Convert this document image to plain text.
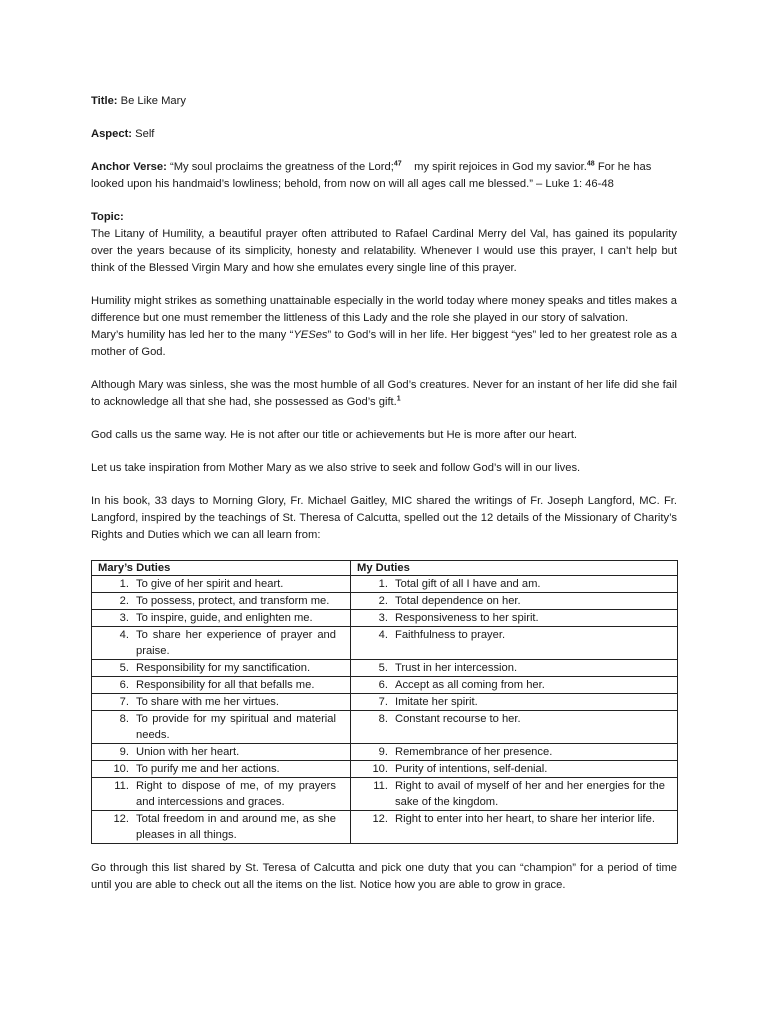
Title: Be Like Mary

Aspect: Self

Anchor Verse: “My soul proclaims the greatness of the Lord;$^{47}$ my spirit rejoices in God my savior.$^{48}$ For he has looked upon his handmaid’s lowliness; behold, from now on will all ages call me blessed.” – Luke 1: 46-48

Topic:

The Litany of Humility, a beautiful prayer often attributed to Rafael Cardinal Merry del Val, has gained its popularity over the years because of its simplicity, honesty and relatability. Whenever I would use this prayer, I can’t help but think of the Blessed Virgin Mary and how she emulates every single line of this prayer.

Humility might strikes as something unattainable especially in the world today where money speaks and titles makes a difference but one must remember the littleness of this Lady and the role she played in our story of salvation.

Mary’s humility has led her to the many “YESes” to God’s will in her life. Her biggest “yes” led to her greatest role as a mother of God.

Although Mary was sinless, she was the most humble of all God’s creatures. Never for an instant of her life did she fail to acknowledge all that she had, she possessed as God’s gift.$^1$

God calls us the same way. He is not after our title or achievements but He is more after our heart.

Let us take inspiration from Mother Mary as we also strive to seek and follow God’s will in our lives.

In his book, 33 days to Morning Glory, Fr. Michael Gaitley, MIC shared the writings of Fr. Joseph Langford, MC. Fr. Langford, inspired by the teachings of St. Theresa of Calcutta, spelled out the 12 details of the Missionary of Charity’s Rights and Duties which we can all learn from:

Mary’s Duties	My Duties

1. To give of her spirit and heart.	1. Total gift of all I have and am.

2. To possess, protect, and transform me.	2. Total dependence on her.

3. To inspire, guide, and enlighten me.	3. Responsiveness to her spirit.

4. To share her experience of prayer and praise.	4. Faithfulness to prayer.

5. Responsibility for my sanctification.	5. Trust in her intercession.

6. Responsibility for all that befalls me.	6. Accept as all coming from her.

7. To share with me her virtues.	7. Imitate her spirit.

8. To provide for my spiritual and material needs.	8. Constant recourse to her.

9. Union with her heart.	9. Remembrance of her presence.

10. To purify me and her actions.	10. Purity of intentions, self-denial.

11. Right to dispose of me, of my prayers and intercessions and graces.	11. Right to avail of myself of her and her energies for the sake of the kingdom.

12. Total freedom in and around me, as she pleases in all things.	12. Right to enter into her heart, to share her interior life.

Go through this list shared by St. Teresa of Calcutta and pick one duty that you can “champion” for a period of time until you are able to check out all the items on the list. Notice how you are able to grow in grace.
